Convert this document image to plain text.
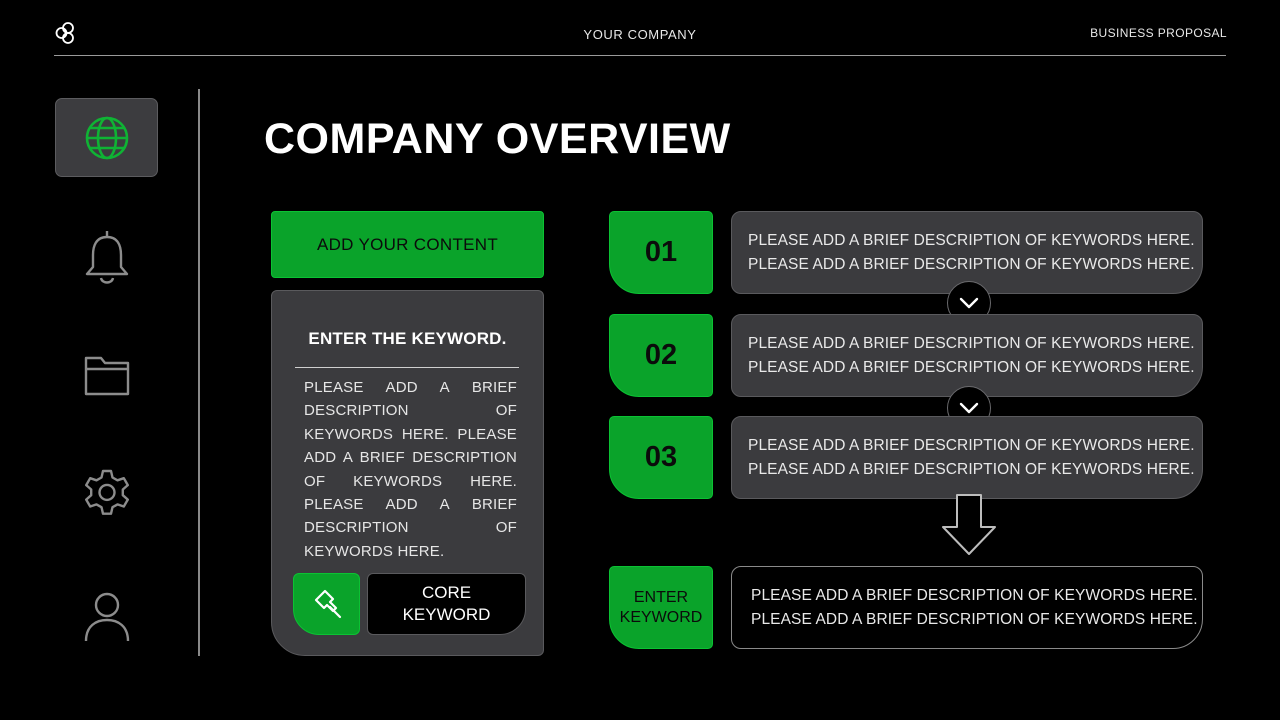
YOUR COMPANY	BUSINESS PROPOSAL
COMPANY OVERVIEW
ADD YOUR CONTENT
ENTER THE KEYWORD.
PLEASE ADD A BRIEF DESCRIPTION OF KEYWORDS HERE. PLEASE ADD A BRIEF DESCRIPTION OF KEYWORDS HERE. PLEASE ADD A BRIEF DESCRIPTION OF KEYWORDS HERE.
CORE
KEYWORD
01	PLEASE ADD A BRIEF DESCRIPTION OF KEYWORDS HERE.
PLEASE ADD A BRIEF DESCRIPTION OF KEYWORDS HERE.
02	PLEASE ADD A BRIEF DESCRIPTION OF KEYWORDS HERE.
PLEASE ADD A BRIEF DESCRIPTION OF KEYWORDS HERE.
03	PLEASE ADD A BRIEF DESCRIPTION OF KEYWORDS HERE.
PLEASE ADD A BRIEF DESCRIPTION OF KEYWORDS HERE.
ENTER
KEYWORD
PLEASE ADD A BRIEF DESCRIPTION OF KEYWORDS HERE.
PLEASE ADD A BRIEF DESCRIPTION OF KEYWORDS HERE.
